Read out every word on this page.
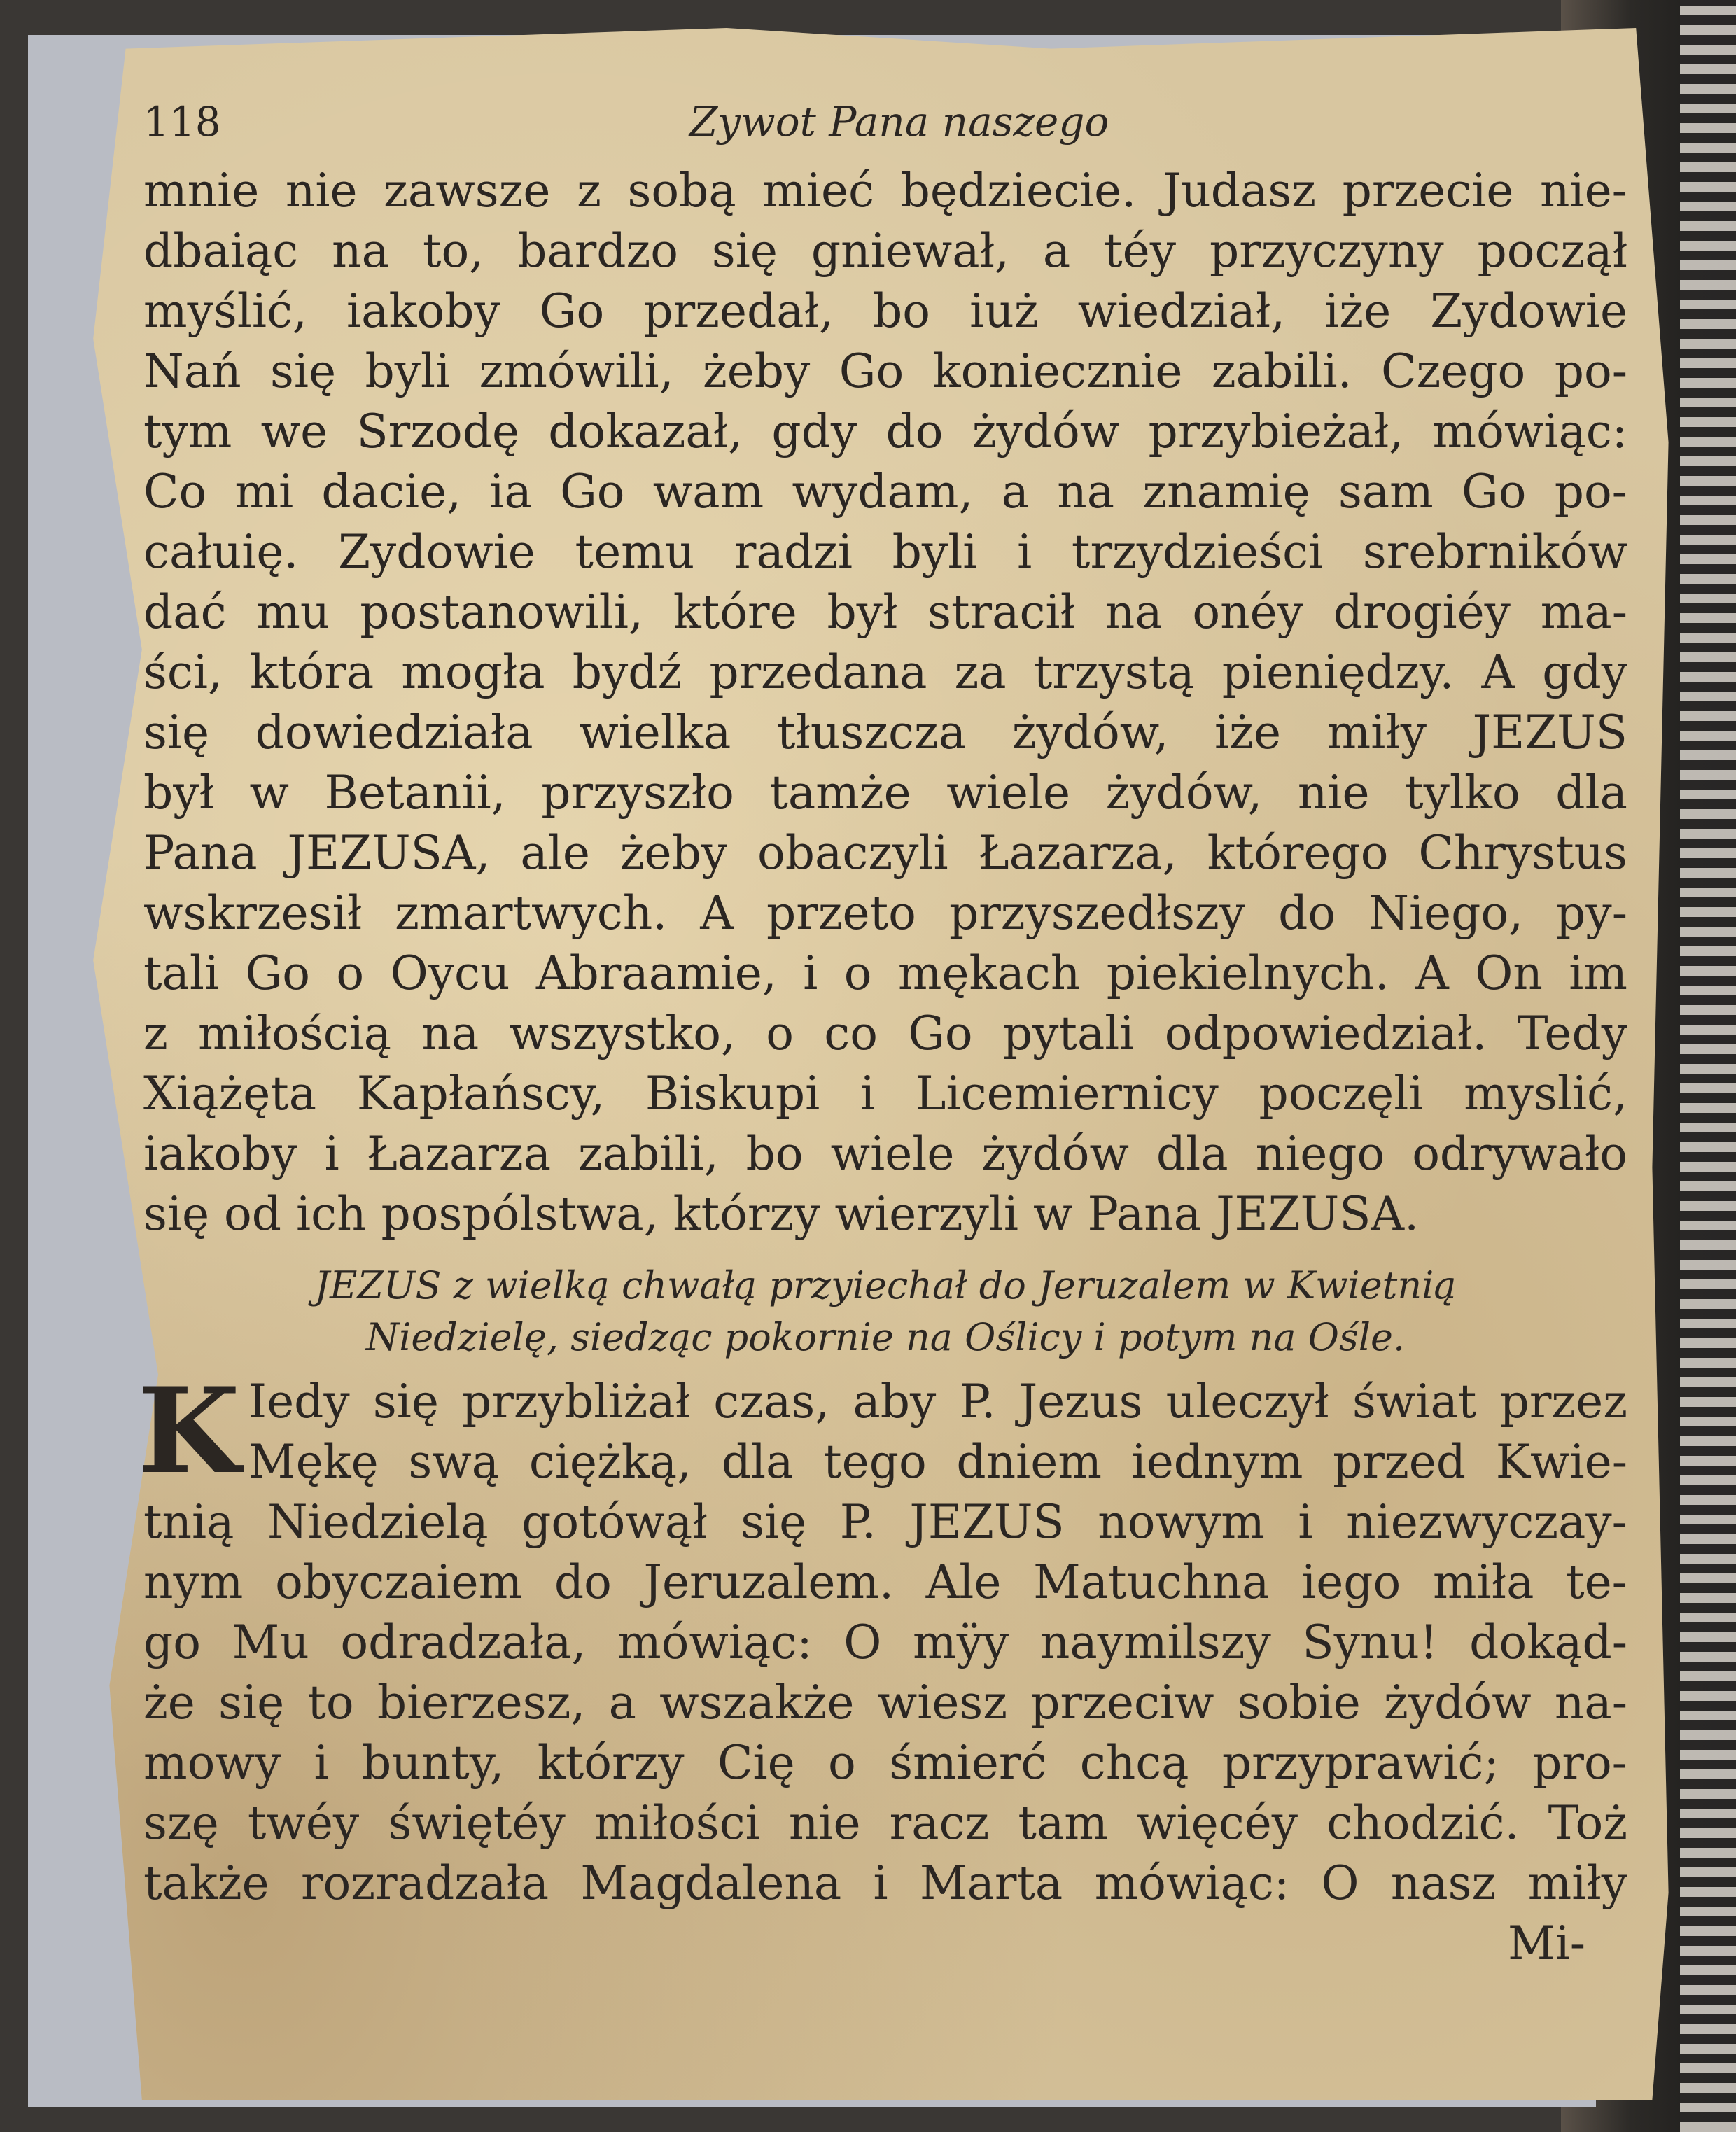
118	Zywot Pana naszego
mnie nie zawsze z sobą mieć będziecie. Judasz przecie nie-
dbaiąc na to, bardzo się gniewał, a téy przyczyny począł
myślić, iakoby Go przedał, bo iuż wiedział, iże Zydowie
Nań się byli zmówili, żeby Go koniecznie zabili. Czego po-
tym we Srzodę dokazał, gdy do żydów przybieżał, mówiąc:
Co mi dacie, ia Go wam wydam, a na znamię sam Go po-
całuię. Zydowie temu radzi byli i trzydzieści srebrników
dać mu postanowili, które był stracił na onéy drogiéy ma-
ści, która mogła bydź przedana za trzystą pieniędzy. A gdy
się dowiedziała wielka tłuszcza żydów, iże miły JEZUS
był w Betanii, przyszło tamże wiele żydów, nie tylko dla
Pana JEZUSA, ale żeby obaczyli Łazarza, którego Chrystus
wskrzesił zmartwych. A przeto przyszedłszy do Niego, py-
tali Go o Oycu Abraamie, i o mękach piekielnych. A On im
z miłością na wszystko, o co Go pytali odpowiedział. Tedy
Xiążęta Kapłańscy, Biskupi i Licemiernicy poczęli myslić,
iakoby i Łazarza zabili, bo wiele żydów dla niego odrywało
się od ich pospólstwa, którzy wierzyli w Pana JEZUSA.
JEZUS z wielką chwałą przyiechał do Jeruzalem w Kwietnią
Niedzielę, siedząc pokornie na Oślicy i potym na Ośle.
K Iedy się przybliżał czas, aby P. Jezus uleczył świat przez
Mękę swą ciężką, dla tego dniem iednym przed Kwie-
tnią Niedzielą gotówął się P. JEZUS nowym i niezwyczay-
nym obyczaiem do Jeruzalem. Ale Matuchna iego miła te-
go Mu odradzała, mówiąc: O mÿy naymilszy Synu! dokąd-
że się to bierzesz, a wszakże wiesz przeciw sobie żydów na-
mowy i bunty, którzy Cię o śmierć chcą przyprawić; pro-
szę twéy świętéy miłości nie racz tam więcéy chodzić. Toż
także rozradzała Magdalena i Marta mówiąc: O nasz miły
Mi-
